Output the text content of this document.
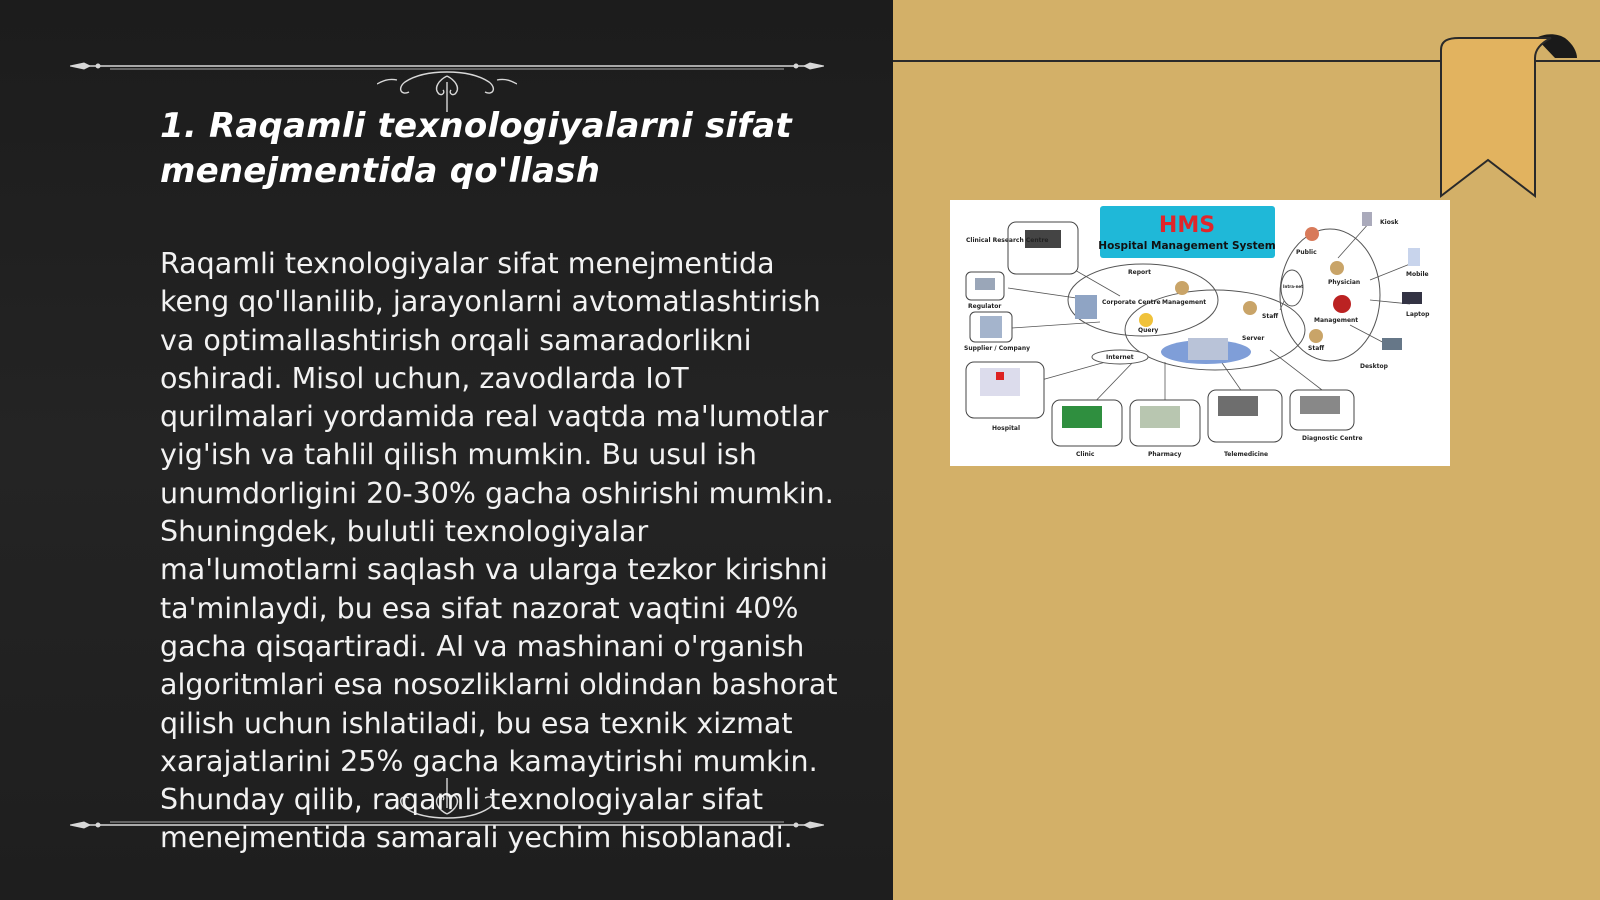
1. Raqamli texnologiyalarni sifat menejmentida qo'llash

Raqamli texnologiyalar sifat menejmentida keng qo'llanilib, jarayonlarni avtomatlashtirish va optimallashtirish orqali samaradorlikni oshiradi. Misol uchun, zavodlarda IoT qurilmalari yordamida real vaqtda ma'lumotlar yig'ish va tahlil qilish mumkin. Bu usul ish unumdorligini 20-30% gacha oshirishi mumkin. Shuningdek, bulutli texnologiyalar ma'lumotlarni saqlash va ularga tezkor kirishni ta'minlaydi, bu esa sifat nazorat vaqtini 40% gacha qisqartiradi. AI va mashinani o'rganish algoritmlari esa nosozliklarni oldindan bashorat qilish uchun ishlatiladi, bu esa texnik xizmat xarajatlarini 25% gacha kamaytirishi mumkin. Shunday qilib, raqamli texnologiyalar sifat menejmentida samarali yechim hisoblanadi.

HMS
Hospital Management System
Clinical Research Centre
Regulator
Supplier / Company
Hospital
Clinic	Pharmacy	Telemedicine
Diagnostic Centre
Kiosk
Public
Mobile
Physician
Management
Laptop
Staff
Desktop
Report
Corporate Centre Management
Query
Server
Staff
Internet
Intra-net
